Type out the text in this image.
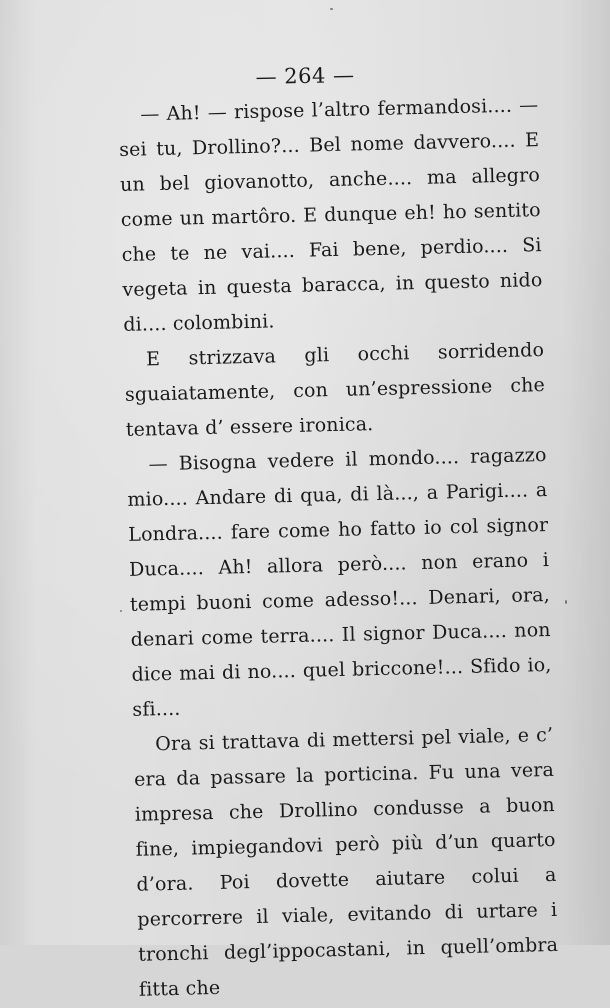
— 264 —

— Ah! — rispose l’altro fermandosi.... — sei tu, Drollino?... Bel nome davvero.... E un bel giovanotto, anche.... ma allegro come un martôro. E dunque eh! ho sentito che te ne vai.... Fai bene, perdio.... Si vegeta in questa baracca, in questo nido di.... colombini.

E strizzava gli occhi sorridendo sguaiatamente, con un’espressione che tentava d’ essere ironica.

— Bisogna vedere il mondo.... ragazzo mio.... Andare di qua, di là..., a Parigi.... a Londra.... fare come ho fatto io col signor Duca.... Ah! allora però.... non erano i tempi buoni come adesso!... Denari, ora, denari come terra.... Il signor Duca.... non dice mai di no.... quel briccone!... Sfido io, sfi....

Ora si trattava di mettersi pel viale, e c’ era da passare la porticina. Fu una vera impresa che Drollino condusse a buon fine, impiegandovi però più d’un quarto d’ora. Poi dovette aiutare colui a percorrere il viale, evitando di urtare i tronchi degl’ippocastani, in quell’ombra fitta che
